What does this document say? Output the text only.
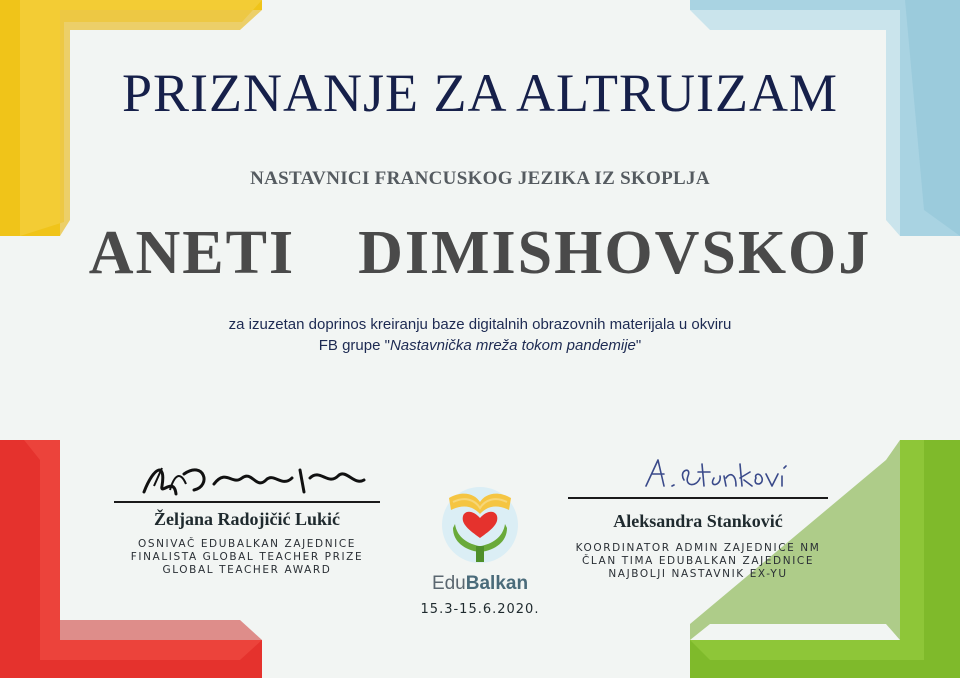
PRIZNANJE ZA ALTRUIZAM
NASTAVNICI FRANCUSKOG JEZIKA IZ SKOPLJA
ANETI  DIMISHOVSKOJ
za izuzetan doprinos kreiranju baze digitalnih obrazovnih materijala u okviru
FB grupe "Nastavnička mreža tokom pandemije"
Željana Radojičić Lukić
OSNIVAČ EDUBALKAN ZAJEDNICE
FINALISTA GLOBAL TEACHER PRIZE
GLOBAL TEACHER AWARD
EduBalkan
15.3-15.6.2020.
Aleksandra Stanković
KOORDINATOR ADMIN ZAJEDNICE NM
ČLAN TIMA EDUBALKAN ZAJEDNICE
NAJBOLJI NASTAVNIK EX-YU
